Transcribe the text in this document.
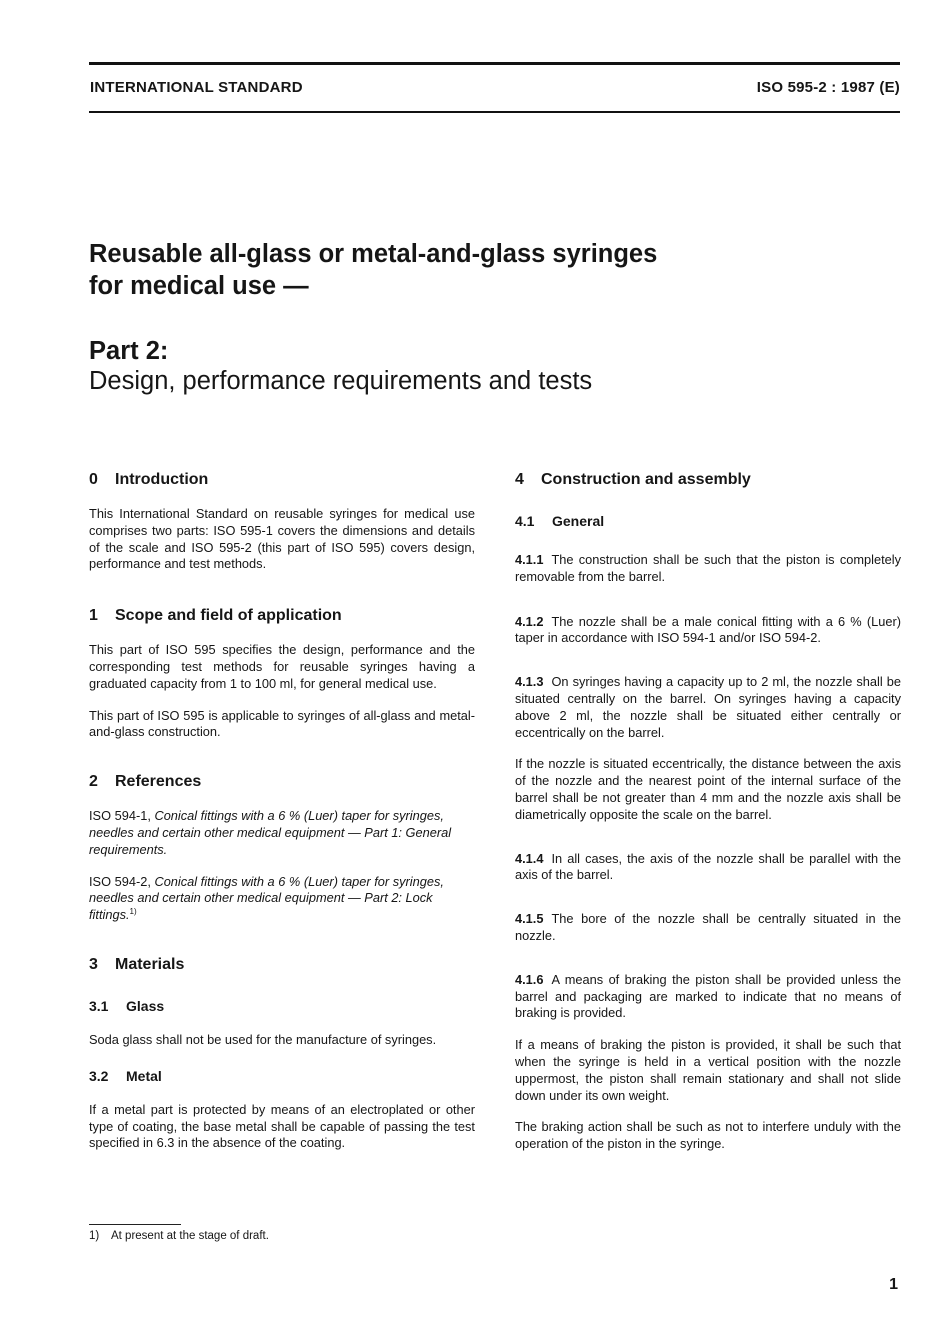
INTERNATIONAL STANDARD	ISO 595-2 : 1987 (E)
Reusable all-glass or metal-and-glass syringes
for medical use —
Part 2:
Design, performance requirements and tests
0 Introduction

This International Standard on reusable syringes for medical use comprises two parts: ISO 595-1 covers the dimensions and details of the scale and ISO 595-2 (this part of ISO 595) covers design, performance and test methods.

1 Scope and field of application

This part of ISO 595 specifies the design, performance and the corresponding test methods for reusable syringes having a graduated capacity from 1 to 100 ml, for general medical use.

This part of ISO 595 is applicable to syringes of all-glass and metal-and-glass construction.

2 References

ISO 594-1, Conical fittings with a 6 % (Luer) taper for syringes, needles and certain other medical equipment — Part 1: General requirements.

ISO 594-2, Conical fittings with a 6 % (Luer) taper for syringes, needles and certain other medical equipment — Part 2: Lock fittings.$^{1)}$

3 Materials
3.1 Glass

Soda glass shall not be used for the manufacture of syringes.

3.2 Metal

If a metal part is protected by means of an electroplated or other type of coating, the base metal shall be capable of passing the test specified in 6.3 in the absence of the coating.

4 Construction and assembly
4.1 General

4.1.1 The construction shall be such that the piston is completely removable from the barrel.

4.1.2 The nozzle shall be a male conical fitting with a 6 % (Luer) taper in accordance with ISO 594-1 and/or ISO 594-2.

4.1.3 On syringes having a capacity up to 2 ml, the nozzle shall be situated centrally on the barrel. On syringes having a capacity above 2 ml, the nozzle shall be situated either centrally or eccentrically on the barrel.

If the nozzle is situated eccentrically, the distance between the axis of the nozzle and the nearest point of the internal surface of the barrel shall be not greater than 4 mm and the nozzle axis shall be diametrically opposite the scale on the barrel.

4.1.4 In all cases, the axis of the nozzle shall be parallel with the axis of the barrel.

4.1.5 The bore of the nozzle shall be centrally situated in the nozzle.

4.1.6 A means of braking the piston shall be provided unless the barrel and packaging are marked to indicate that no means of braking is provided.

If a means of braking the piston is provided, it shall be such that when the syringe is held in a vertical position with the nozzle uppermost, the piston shall remain stationary and shall not slide down under its own weight.

The braking action shall be such as not to interfere unduly with the operation of the piston in the syringe.

1) At present at the stage of draft.
1
